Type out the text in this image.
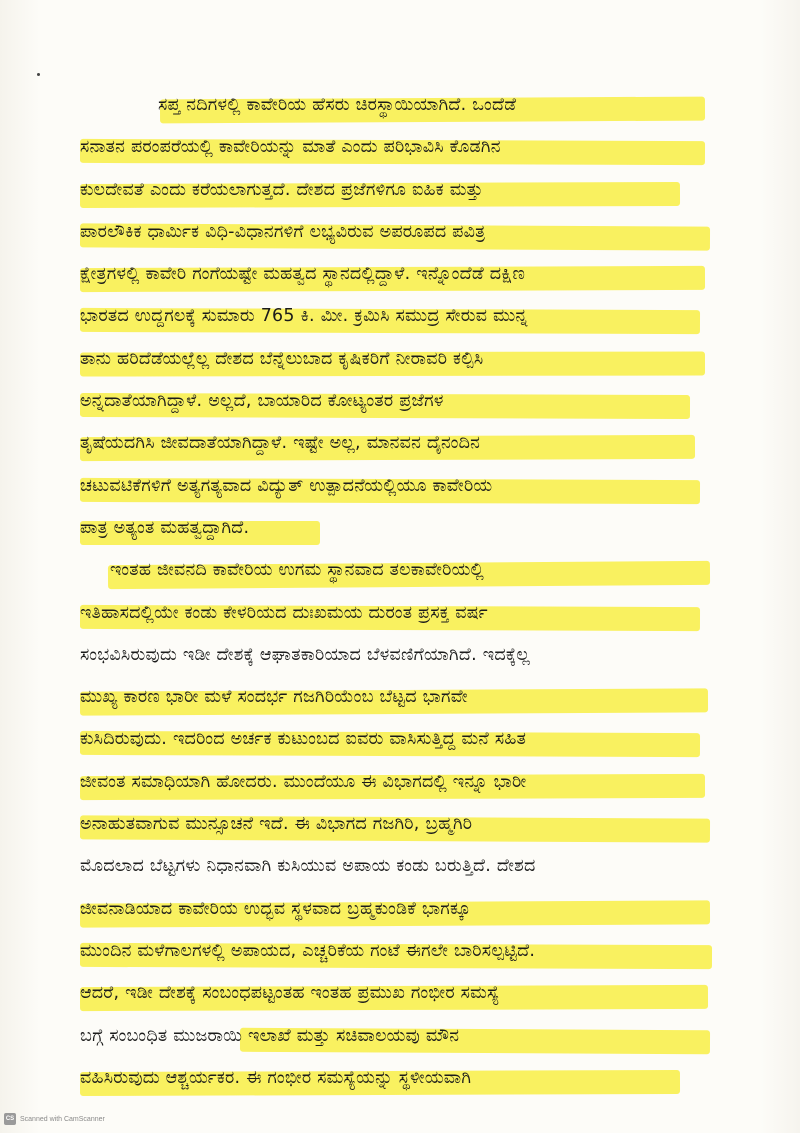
ಸಪ್ತ ನದಿಗಳಲ್ಲಿ ಕಾವೇರಿಯ ಹೆಸರು ಚಿರಸ್ಥಾಯಿಯಾಗಿದೆ. ಒಂದೆಡೆ
ಸನಾತನ ಪರಂಪರೆಯಲ್ಲಿ ಕಾವೇರಿಯನ್ನು ಮಾತೆ ಎಂದು ಪರಿಭಾವಿಸಿ ಕೊಡಗಿನ
ಕುಲದೇವತೆ ಎಂದು ಕರೆಯಲಾಗುತ್ತದೆ. ದೇಶದ ಪ್ರಜೆಗಳಿಗೂ ಐಹಿಕ ಮತ್ತು
ಪಾರಲೌಕಿಕ ಧಾರ್ಮಿಕ ವಿಧಿ-ವಿಧಾನಗಳಿಗೆ ಲಭ್ಯವಿರುವ ಅಪರೂಪದ ಪವಿತ್ರ
ಕ್ಷೇತ್ರಗಳಲ್ಲಿ ಕಾವೇರಿ ಗಂಗೆಯಷ್ಟೇ ಮಹತ್ವದ ಸ್ಥಾನದಲ್ಲಿದ್ದಾಳೆ. ಇನ್ನೊಂದೆಡೆ ದಕ್ಷಿಣ
ಭಾರತದ ಉದ್ದಗಲಕ್ಕೆ ಸುಮಾರು 765 ಕಿ. ಮೀ. ಕ್ರಮಿಸಿ ಸಮುದ್ರ ಸೇರುವ ಮುನ್ನ
ತಾನು ಹರಿದೆಡೆಯಲ್ಲೆಲ್ಲ ದೇಶದ ಬೆನ್ನೆಲುಬಾದ ಕೃಷಿಕರಿಗೆ ನೀರಾವರಿ ಕಲ್ಪಿಸಿ
ಅನ್ನದಾತೆಯಾಗಿದ್ದಾಳೆ. ಅಲ್ಲದೆ, ಬಾಯಾರಿದ ಕೋಟ್ಯಂತರ ಪ್ರಜೆಗಳ
ತೃಷೆಯದಗಿಸಿ ಜೀವದಾತೆಯಾಗಿದ್ದಾಳೆ. ಇಷ್ಟೇ ಅಲ್ಲ, ಮಾನವನ ದೈನಂದಿನ
ಚಟುವಟಿಕೆಗಳಿಗೆ ಅತ್ಯಗತ್ಯವಾದ ವಿದ್ಯುತ್ ಉತ್ಪಾದನೆಯಲ್ಲಿಯೂ ಕಾವೇರಿಯ
ಪಾತ್ರ ಅತ್ಯಂತ ಮಹತ್ವದ್ದಾಗಿದೆ.
ಇಂತಹ ಜೀವನದಿ ಕಾವೇರಿಯ ಉಗಮ ಸ್ಥಾನವಾದ ತಲಕಾವೇರಿಯಲ್ಲಿ
ಇತಿಹಾಸದಲ್ಲಿಯೇ ಕಂಡು ಕೇಳರಿಯದ ದುಃಖಮಯ ದುರಂತ ಪ್ರಸಕ್ತ ವರ್ಷ
ಸಂಭವಿಸಿರುವುದು ಇಡೀ ದೇಶಕ್ಕೆ ಆಘಾತಕಾರಿಯಾದ ಬೆಳವಣಿಗೆಯಾಗಿದೆ. ಇದಕ್ಕೆಲ್ಲ
ಮುಖ್ಯ ಕಾರಣ ಭಾರೀ ಮಳೆ ಸಂದರ್ಭ ಗಜಗಿರಿಯೆಂಬ ಬೆಟ್ಟದ ಭಾಗವೇ
ಕುಸಿದಿರುವುದು. ಇದರಿಂದ ಅರ್ಚಕ ಕುಟುಂಬದ ಐವರು ವಾಸಿಸುತ್ತಿದ್ದ ಮನೆ ಸಹಿತ
ಜೀವಂತ ಸಮಾಧಿಯಾಗಿ ಹೋದರು. ಮುಂದೆಯೂ ಈ ವಿಭಾಗದಲ್ಲಿ ಇನ್ನೂ ಭಾರೀ
ಅನಾಹುತವಾಗುವ ಮುನ್ಸೂಚನೆ ಇದೆ. ಈ ವಿಭಾಗದ ಗಜಗಿರಿ, ಬ್ರಹ್ಮಗಿರಿ
ಮೊದಲಾದ ಬೆಟ್ಟಗಳು ನಿಧಾನವಾಗಿ ಕುಸಿಯುವ ಅಪಾಯ ಕಂಡು ಬರುತ್ತಿದೆ. ದೇಶದ
ಜೀವನಾಡಿಯಾದ ಕಾವೇರಿಯ ಉದ್ಭವ ಸ್ಥಳವಾದ ಬ್ರಹ್ಮಕುಂಡಿಕೆ ಭಾಗಕ್ಕೂ
ಮುಂದಿನ ಮಳೆಗಾಲಗಳಲ್ಲಿ ಅಪಾಯದ, ಎಚ್ಚರಿಕೆಯ ಗಂಟೆ ಈಗಲೇ ಬಾರಿಸಲ್ಪಟ್ಟಿದೆ.
ಆದರೆ, ಇಡೀ ದೇಶಕ್ಕೆ ಸಂಬಂಧಪಟ್ಟಂತಹ ಇಂತಹ ಪ್ರಮುಖ ಗಂಭೀರ ಸಮಸ್ಯೆ
ಬಗ್ಗೆ ಸಂಬಂಧಿತ ಮುಜರಾಯಿ ಇಲಾಖೆ ಮತ್ತು ಸಚಿವಾಲಯವು ಮೌನ
ವಹಿಸಿರುವುದು ಆಶ್ಚರ್ಯಕರ. ಈ ಗಂಭೀರ ಸಮಸ್ಯೆಯನ್ನು ಸ್ಥಳೀಯವಾಗಿ
CS Scanned with CamScanner
